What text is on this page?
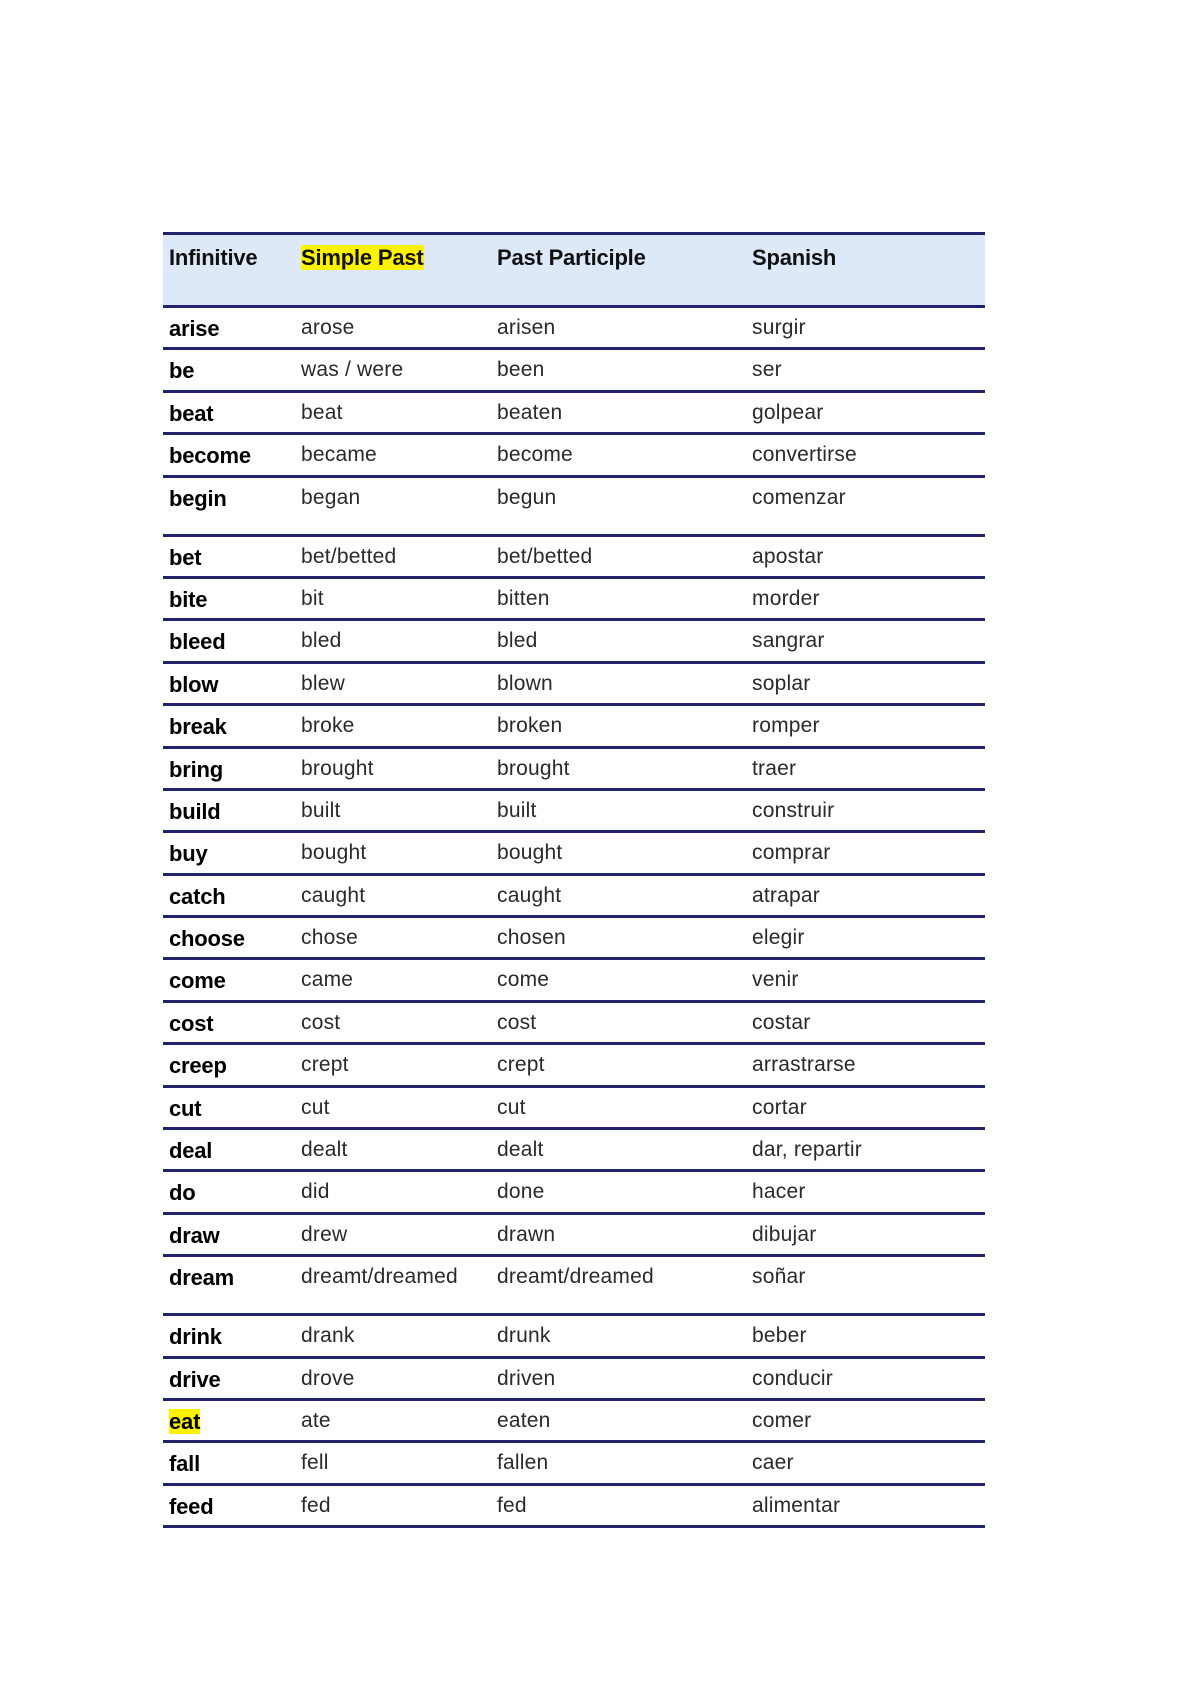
Infinitive	Simple Past	Past Participle	Spanish
arise	arose	arisen	surgir
be	was / were	been	ser
beat	beat	beaten	golpear
become	became	become	convertirse
begin	began	begun	comenzar
bet	bet/betted	bet/betted	apostar
bite	bit	bitten	morder
bleed	bled	bled	sangrar
blow	blew	blown	soplar
break	broke	broken	romper
bring	brought	brought	traer
build	built	built	construir
buy	bought	bought	comprar
catch	caught	caught	atrapar
choose	chose	chosen	elegir
come	came	come	venir
cost	cost	cost	costar
creep	crept	crept	arrastrarse
cut	cut	cut	cortar
deal	dealt	dealt	dar, repartir
do	did	done	hacer
draw	drew	drawn	dibujar
dream	dreamt/dreamed	dreamt/dreamed	soñar
drink	drank	drunk	beber
drive	drove	driven	conducir
eat	ate	eaten	comer
fall	fell	fallen	caer
feed	fed	fed	alimentar
